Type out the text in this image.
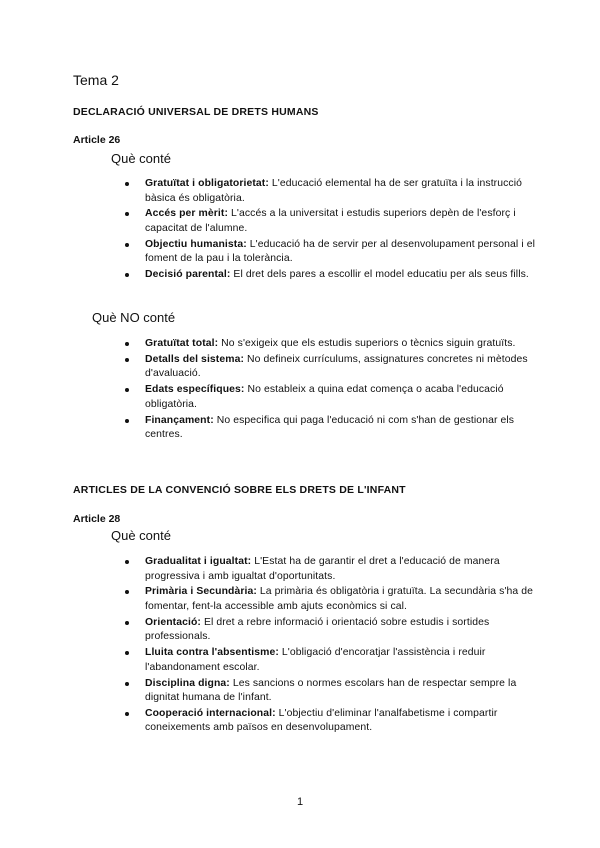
Tema 2
DECLARACIÓ UNIVERSAL DE DRETS HUMANS
Article 26
Què conté
Gratuïtat i obligatorietat: L'educació elemental ha de ser gratuïta i la instrucció bàsica és obligatòria.
Accés per mèrit: L'accés a la universitat i estudis superiors depèn de l'esforç i capacitat de l'alumne.
Objectiu humanista: L'educació ha de servir per al desenvolupament personal i el foment de la pau i la tolerància.
Decisió parental: El dret dels pares a escollir el model educatiu per als seus fills.
Què NO conté
Gratuïtat total: No s'exigeix que els estudis superiors o tècnics siguin gratuïts.
Detalls del sistema: No defineix currículums, assignatures concretes ni mètodes d'avaluació.
Edats específiques: No estableix a quina edat comença o acaba l'educació obligatòria.
Finançament: No especifica qui paga l'educació ni com s'han de gestionar els centres.
ARTICLES DE LA CONVENCIÓ SOBRE ELS DRETS DE L'INFANT
Article 28
Què conté
Gradualitat i igualtat: L'Estat ha de garantir el dret a l'educació de manera progressiva i amb igualtat d'oportunitats.
Primària i Secundària: La primària és obligatòria i gratuïta. La secundària s'ha de fomentar, fent-la accessible amb ajuts econòmics si cal.
Orientació: El dret a rebre informació i orientació sobre estudis i sortides professionals.
Lluita contra l'absentisme: L'obligació d'encoratjar l'assistència i reduir l'abandonament escolar.
Disciplina digna: Les sancions o normes escolars han de respectar sempre la dignitat humana de l'infant.
Cooperació internacional: L'objectiu d'eliminar l'analfabetisme i compartir coneixements amb països en desenvolupament.
1
